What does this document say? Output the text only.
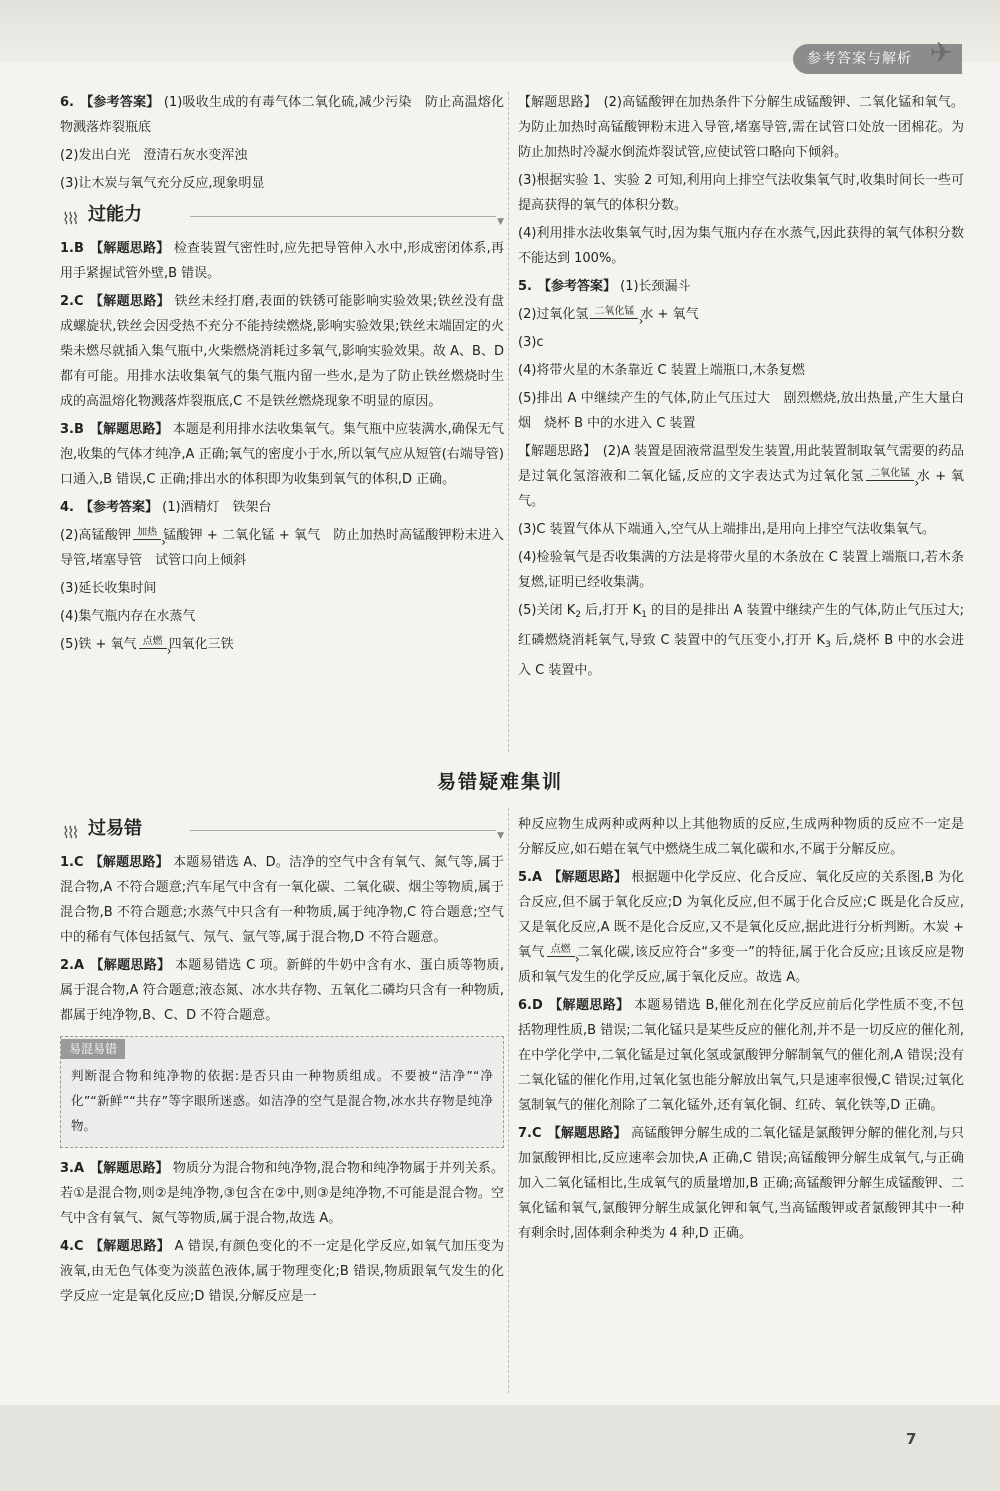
参考答案与解析 ✈

6. 【参考答案】 (1)吸收生成的有毒气体二氧化硫,减少污染　防止高温熔化物溅落炸裂瓶底

(2)发出白光　澄清石灰水变浑浊

(3)让木炭与氧气充分反应,现象明显

⌇⌇⌇ 过能力	▼

1.B 【解题思路】 检查装置气密性时,应先把导管伸入水中,形成密闭体系,再用手紧握试管外壁,B 错误。

2.C 【解题思路】 铁丝未经打磨,表面的铁锈可能影响实验效果;铁丝没有盘成螺旋状,铁丝会因受热不充分不能持续燃烧,影响实验效果;铁丝末端固定的火柴未燃尽就插入集气瓶中,火柴燃烧消耗过多氧气,影响实验效果。故 A、B、D 都有可能。用排水法收集氧气的集气瓶内留一些水,是为了防止铁丝燃烧时生成的高温熔化物溅落炸裂瓶底,C 不是铁丝燃烧现象不明显的原因。

3.B 【解题思路】 本题是利用排水法收集氧气。集气瓶中应装满水,确保无气泡,收集的气体才纯净,A 正确;氧气的密度小于水,所以氧气应从短管(右端导管)口通入,B 错误,C 正确;排出水的体积即为收集到氧气的体积,D 正确。

4. 【参考答案】 (1)酒精灯　铁架台

(2)高锰酸钾 加热 › 锰酸钾 + 二氧化锰 + 氧气　防止加热时高锰酸钾粉末进入导管,堵塞导管　试管口向上倾斜

(3)延长收集时间

(4)集气瓶内存在水蒸气

(5)铁 + 氧气 点燃 › 四氧化三铁

【解题思路】　(2)高锰酸钾在加热条件下分解生成锰酸钾、二氧化锰和氧气。为防止加热时高锰酸钾粉末进入导管,堵塞导管,需在试管口处放一团棉花。为防止加热时冷凝水倒流炸裂试管,应使试管口略向下倾斜。

(3)根据实验 1、实验 2 可知,利用向上排空气法收集氧气时,收集时间长一些可提高获得的氧气的体积分数。

(4)利用排水法收集氧气时,因为集气瓶内存在水蒸气,因此获得的氧气体积分数不能达到 100%。

5. 【参考答案】 (1)长颈漏斗

(2)过氧化氢 二氧化锰 › 水 + 氧气

(3)c

(4)将带火星的木条靠近 C 装置上端瓶口,木条复燃

(5)排出 A 中继续产生的气体,防止气压过大　剧烈燃烧,放出热量,产生大量白烟　烧杯 B 中的水进入 C 装置

【解题思路】　(2)A 装置是固液常温型发生装置,用此装置制取氧气需要的药品是过氧化氢溶液和二氧化锰,反应的文字表达式为过氧化氢 二氧化锰 › 水 + 氧气。

(3)C 装置气体从下端通入,空气从上端排出,是用向上排空气法收集氧气。

(4)检验氧气是否收集满的方法是将带火星的木条放在 C 装置上端瓶口,若木条复燃,证明已经收集满。

(5)关闭 $K_2$ 后,打开 $K_1$ 的目的是排出 A 装置中继续产生的气体,防止气压过大;红磷燃烧消耗氧气,导致 C 装置中的气压变小,打开 $K_3$ 后,烧杯 B 中的水会进入 C 装置中。

易错疑难集训
⌇⌇⌇ 过易错	▼

1.C 【解题思路】 本题易错选 A、D。洁净的空气中含有氧气、氮气等,属于混合物,A 不符合题意;汽车尾气中含有一氧化碳、二氧化碳、烟尘等物质,属于混合物,B 不符合题意;水蒸气中只含有一种物质,属于纯净物,C 符合题意;空气中的稀有气体包括氦气、氖气、氩气等,属于混合物,D 不符合题意。

2.A 【解题思路】 本题易错选 C 项。新鲜的牛奶中含有水、蛋白质等物质,属于混合物,A 符合题意;液态氮、冰水共存物、五氧化二磷均只含有一种物质,都属于纯净物,B、C、D 不符合题意。

易混易错

判断混合物和纯净物的依据:是否只由一种物质组成。不要被“洁净”“净化”“新鲜”“共存”等字眼所迷惑。如洁净的空气是混合物,冰水共存物是纯净物。

3.A 【解题思路】 物质分为混合物和纯净物,混合物和纯净物属于并列关系。若①是混合物,则②是纯净物,③包含在②中,则③是纯净物,不可能是混合物。空气中含有氧气、氮气等物质,属于混合物,故选 A。

4.C 【解题思路】 A 错误,有颜色变化的不一定是化学反应,如氧气加压变为液氧,由无色气体变为淡蓝色液体,属于物理变化;B 错误,物质跟氧气发生的化学反应一定是氧化反应;D 错误,分解反应是一

种反应物生成两种或两种以上其他物质的反应,生成两种物质的反应不一定是分解反应,如石蜡在氧气中燃烧生成二氧化碳和水,不属于分解反应。

5.A 【解题思路】 根据题中化学反应、化合反应、氧化反应的关系图,B 为化合反应,但不属于氧化反应;D 为氧化反应,但不属于化合反应;C 既是化合反应,又是氧化反应,A 既不是化合反应,又不是氧化反应,据此进行分析判断。木炭 + 氧气 点燃 › 二氧化碳,该反应符合“多变一”的特征,属于化合反应;且该反应是物质和氧气发生的化学反应,属于氧化反应。故选 A。

6.D 【解题思路】 本题易错选 B,催化剂在化学反应前后化学性质不变,不包括物理性质,B 错误;二氧化锰只是某些反应的催化剂,并不是一切反应的催化剂,在中学化学中,二氧化锰是过氧化氢或氯酸钾分解制氧气的催化剂,A 错误;没有二氧化锰的催化作用,过氧化氢也能分解放出氧气,只是速率很慢,C 错误;过氧化氢制氧气的催化剂除了二氧化锰外,还有氧化铜、红砖、氧化铁等,D 正确。

7.C 【解题思路】 高锰酸钾分解生成的二氧化锰是氯酸钾分解的催化剂,与只加氯酸钾相比,反应速率会加快,A 正确,C 错误;高锰酸钾分解生成氧气,与正确加入二氧化锰相比,生成氧气的质量增加,B 正确;高锰酸钾分解生成锰酸钾、二氧化锰和氧气,氯酸钾分解生成氯化钾和氧气,当高锰酸钾或者氯酸钾其中一种有剩余时,固体剩余种类为 4 种,D 正确。

7
